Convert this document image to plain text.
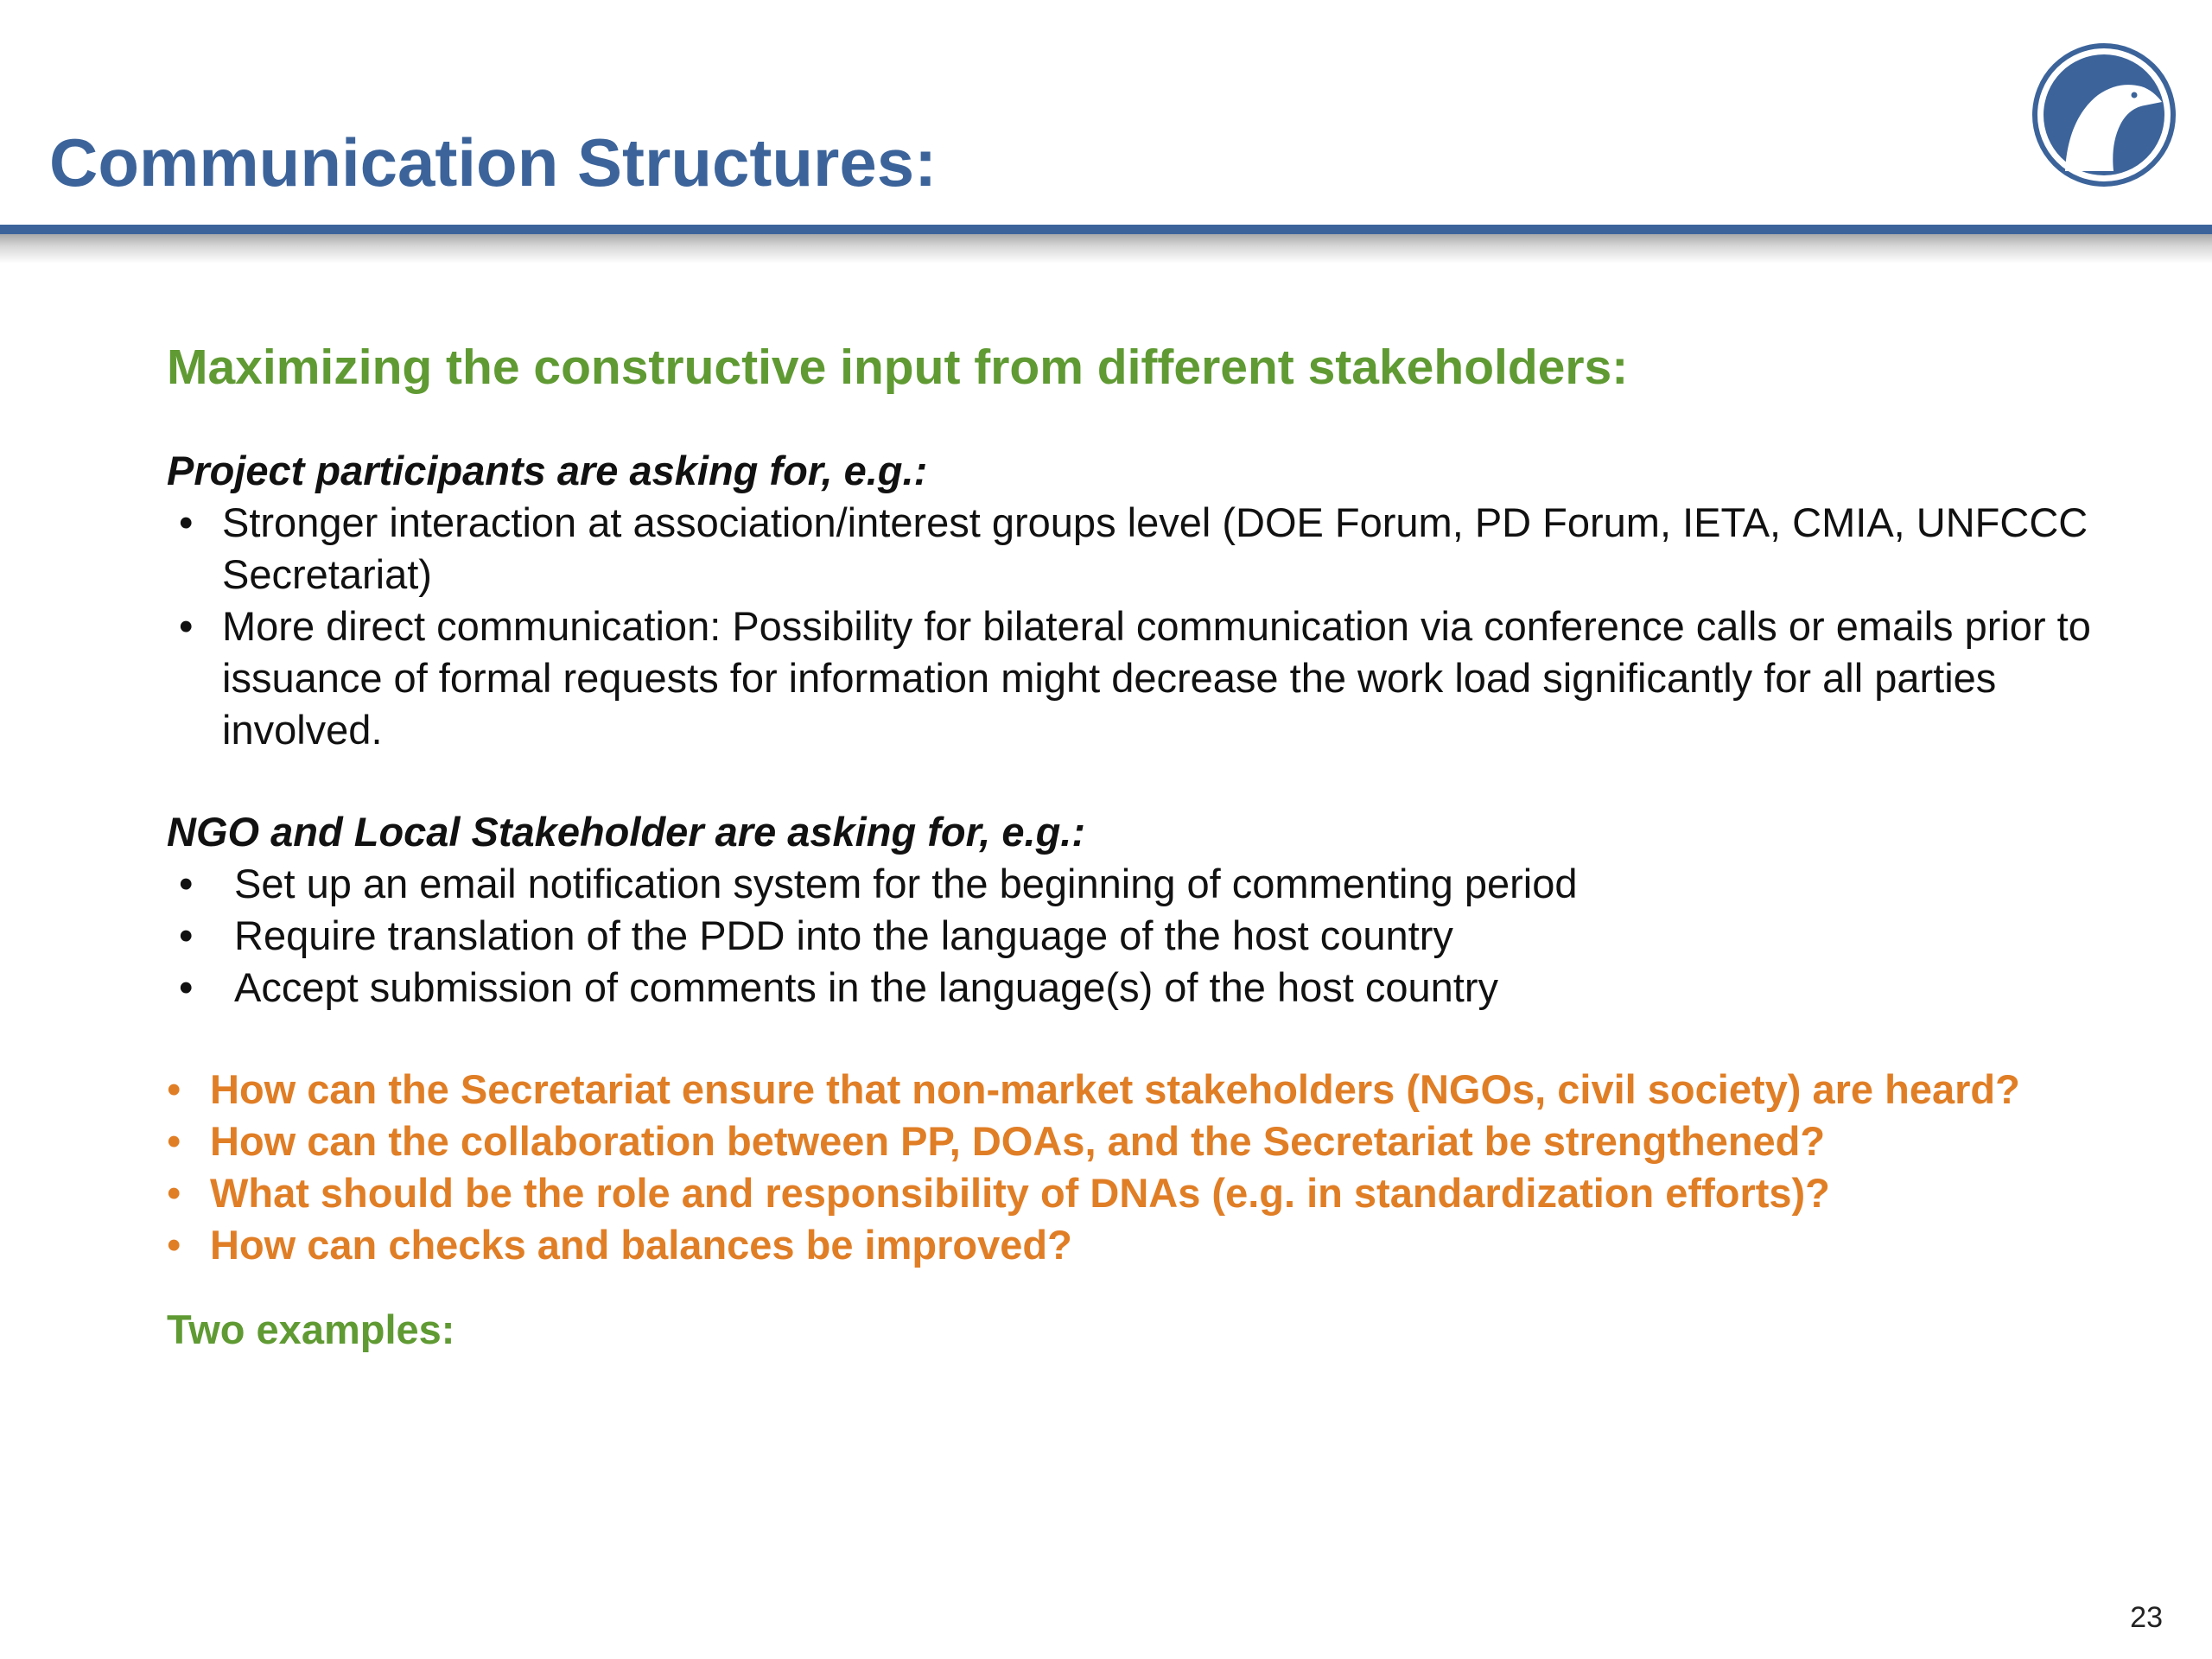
Communication Structures:
Maximizing the constructive input from different stakeholders:

Project participants are asking for, e.g.:

• Stronger interaction at association/interest groups level (DOE Forum, PD Forum, IETA, CMIA, UNFCCC Secretariat)
• More direct communication: Possibility for bilateral communication via conference calls or emails prior to issuance of formal requests for information might decrease the work load significantly for all parties involved.

NGO and Local Stakeholder are asking for, e.g.:

• Set up an email notification system for the beginning of commenting period
• Require translation of the PDD into the language of the host country
• Accept submission of comments in the language(s) of the host country
• How can the Secretariat ensure that non-market stakeholders (NGOs, civil society) are heard?
• How can the collaboration between PP, DOAs, and the Secretariat be strengthened?
• What should be the role and responsibility of DNAs (e.g. in standardization efforts)?
• How can checks and balances be improved?

Two examples:

23
